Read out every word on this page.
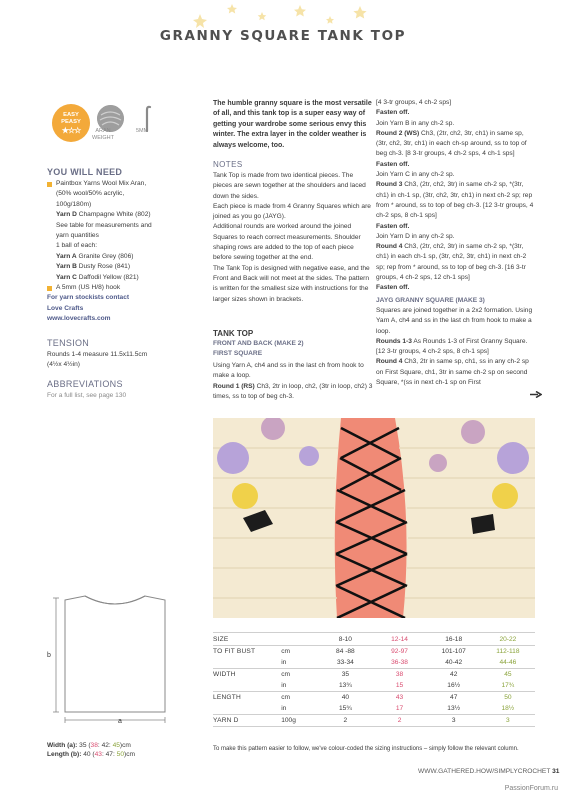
GRANNY SQUARE TANK TOP
EASY
PEASY
★☆☆	ARAN
WEIGHT
5MM
YOU WILL NEED
Paintbox Yarns Wool Mix Aran,
(50% wool/50% acrylic,
100g/180m)
Yarn D Champagne White (802)
See table for measurements and
yarn quantities
1 ball of each:
Yarn A Granite Grey (806)
Yarn B Dusty Rose (841)
Yarn C Daffodil Yellow (821)
A 5mm (US H/8) hook
For yarn stockists contact
Love Crafts
www.lovecrafts.com
TENSION
Rounds 1-4 measure 11.5x11.5cm
(4½x 4½in)
ABBREVIATIONS
For a full list, see page 130
The humble granny square is the most versatile of all, and this tank top is a super easy way of getting your wardrobe some serious envy this winter. The extra layer in the colder weather is always welcome, too.
NOTES

Tank Top is made from two identical pieces. The pieces are sewn together at the shoulders and laced down the sides.

Each piece is made from 4 Granny Squares which are joined as you go (JAYG).

Additional rounds are worked around the joined Squares to reach correct measurements. Shoulder shaping rows are added to the top of each piece before sewing together at the end.

The Tank Top is designed with negative ease, and the Front and Back will not meet at the sides. The pattern is written for the smallest size with instructions for the larger sizes shown in brackets.

TANK TOP
FRONT AND BACK (MAKE 2)
FIRST SQUARE

Using Yarn A, ch4 and ss in the last ch from hook to make a loop.

Round 1 (RS) Ch3, 2tr in loop, ch2, (3tr in loop, ch2) 3 times, ss to top of beg ch-3.

[4 3-tr groups, 4 ch-2 sps]

Fasten off.

Join Yarn B in any ch-2 sp.

Round 2 (WS) Ch3, (2tr, ch2, 3tr, ch1) in same sp, (3tr, ch2, 3tr, ch1) in each ch-sp around, ss to top of beg ch-3. [8 3-tr groups, 4 ch-2 sps, 4 ch-1 sps]

Fasten off.

Join Yarn C in any ch-2 sp.

Round 3 Ch3, (2tr, ch2, 3tr) in same ch-2 sp, *(3tr, ch1) in ch-1 sp, (3tr, ch2, 3tr, ch1) in next ch-2 sp; rep from * around, ss to top of beg ch-3. [12 3-tr groups, 4 ch-2 sps, 8 ch-1 sps]

Fasten off.

Join Yarn D in any ch-2 sp.

Round 4 Ch3, (2tr, ch2, 3tr) in same ch-2 sp, *(3tr, ch1) in each ch-1 sp, (3tr, ch2, 3tr, ch1) in next ch-2 sp; rep from * around, ss to top of beg ch-3. [16 3-tr groups, 4 ch-2 sps, 12 ch-1 sps]

Fasten off.

JAYG GRANNY SQUARE (MAKE 3)

Squares are joined together in a 2x2 formation. Using Yarn A, ch4 and ss in the last ch from hook to make a loop.

Rounds 1-3 As Rounds 1-3 of First Granny Square. [12 3-tr groups, 4 ch-2 sps, 8 ch-1 sps]

Round 4 Ch3, 2tr in same sp, ch1, ss in any ch-2 sp on First Square, ch1, 3tr in same ch-2 sp on second Square, *(ss in next ch-1 sp on First

a
b
Width (a): 35 (38: 42: 45)cm
Length (b): 40 (43: 47: 50)cm
SIZE		8-10	12-14	16-18	20-22
TO FIT BUST	cm	84 -88	92-97	101-107	112-118
	in	33-34	36-38	40-42	44-46
WIDTH	cm	35	38	42	45
	in	13¾	15	16½	17¾
LENGTH	cm	40	43	47	50
	in	15¾	17	13½	18½
YARN D	100g	2	2	3	3
To make this pattern easier to follow, we've colour-coded the sizing instructions – simply follow the relevant column.
WWW.GATHERED.HOW/SIMPLYCROCHET 31
PassionForum.ru
